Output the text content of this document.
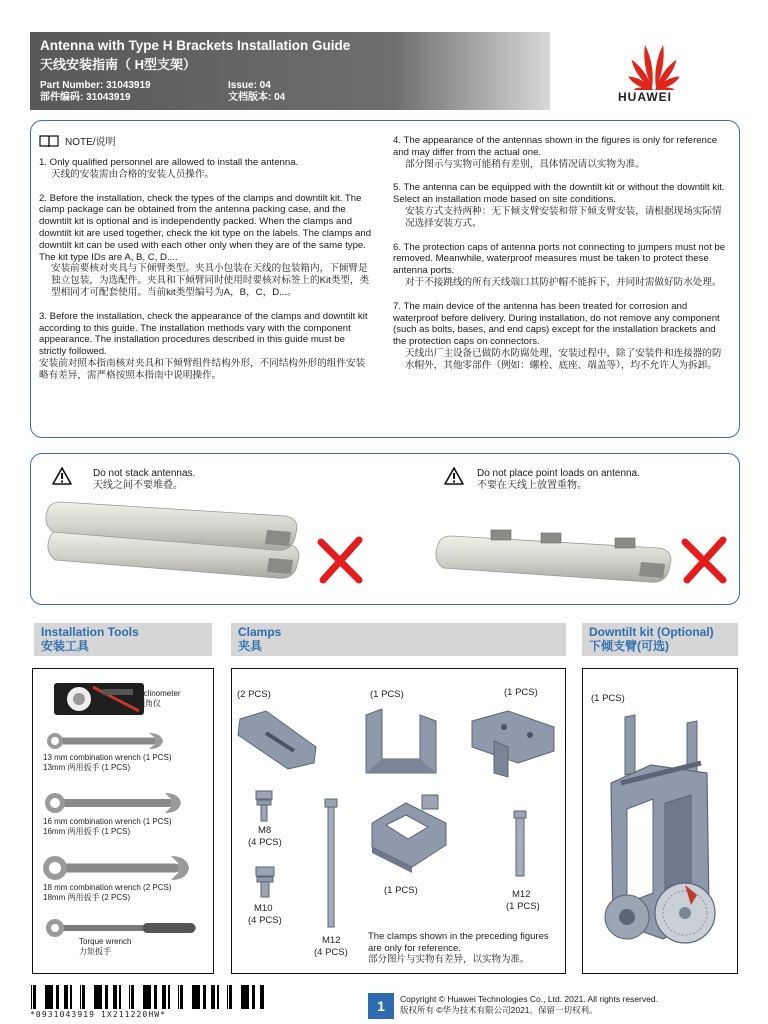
Antenna with Type H Brackets Installation Guide
天线安装指南（ H型支架）
Part Number: 31043919
部件编码: 31043919
Issue: 04
文档版本: 04	HUAWEI
NOTE/说明

1. Only qualified personnel are allowed to install the antenna.
天线的安装需由合格的安装人员操作。

2. Before the installation, check the types of the clamps and downtilt kit. The clamp package can be obtained from the antenna packing case, and the downtilt kit is optional and is independently packed. When the clamps and downtilt kit are used together, check the kit type on the labels. The clamps and downtilt kit can be used with each other only when they are of the same type. The kit type IDs are A, B, C, D....
安装前要核对夹具与下倾臂类型。夹具小包装在天线的包装箱内，下倾臂是独立包装，为选配件。夹具和下倾臂同时使用时要核对标签上的Kit类型，类型相同才可配套使用。当前kit类型编号为A，B，C，D...。

3. Before the installation, check the appearance of the clamps and downtilt kit according to this guide. The installation methods vary with the component appearance. The installation procedures described in this guide must be strictly followed.
安装前对照本指南核对夹具和下倾臂组件结构外形，不同结构外形的组件安装略有差异，需严格按照本指南中说明操作。

4. The appearance of the antennas shown in the figures is only for reference and may differ from the actual one.
部分图示与实物可能稍有差别，具体情况请以实物为准。

5. The antenna can be equipped with the downtilt kit or without the downtilt kit. Select an installation mode based on site conditions.
安装方式支持两种：无下倾支臂安装和带下倾支臂安装，请根据现场实际情况选择安装方式。

6. The protection caps of antenna ports not connecting to jumpers must not be removed. Meanwhile, waterproof measures must be taken to protect these antenna ports.
对于不接跳线的所有天线端口其防护帽不能拆下，并同时需做好防水处理。

7. The main device of the antenna has been treated for corrosion and waterproof before delivery. During installation, do not remove any component (such as bolts, bases, and end caps) except for the installation brackets and the protection caps on connectors.
天线出厂主设备已做防水防腐处理，安装过程中，除了安装件和连接器的防水帽外，其他零部件（例如：螺栓、底座、端盖等），均不允许人为拆卸。

Do not stack antennas.
天线之间不要堆叠。
Do not place point loads on antenna.
不要在天线上放置重物。
Installation Tools
安装工具
Clamps
夹具
Downtilt kit (Optional)
下倾支臂(可选)
Inclinometer
倾角仪
13 mm combination wrench (1 PCS)
13mm 两用扳手 (1 PCS)
16 mm combination wrench (1 PCS)
16mm 两用扳手 (1 PCS)
18 mm combination wrench (2 PCS)
18mm 两用扳手 (2 PCS)
Torque wrench
力矩扳手
(2 PCS)	(1 PCS)	(1 PCS)
M8
(4 PCS)
M10
(4 PCS)
M12
(4 PCS)
(1 PCS)	M12
(1 PCS)
The clamps shown in the preceding figures are only for reference.
部分图片与实物有差异，以实物为准。
(1 PCS)
*0931043919 1X211220HW*
1	Copyright © Huawei Technologies Co., Ltd. 2021. All rights reserved.
版权所有 ©华为技术有限公司2021。保留一切权利。
